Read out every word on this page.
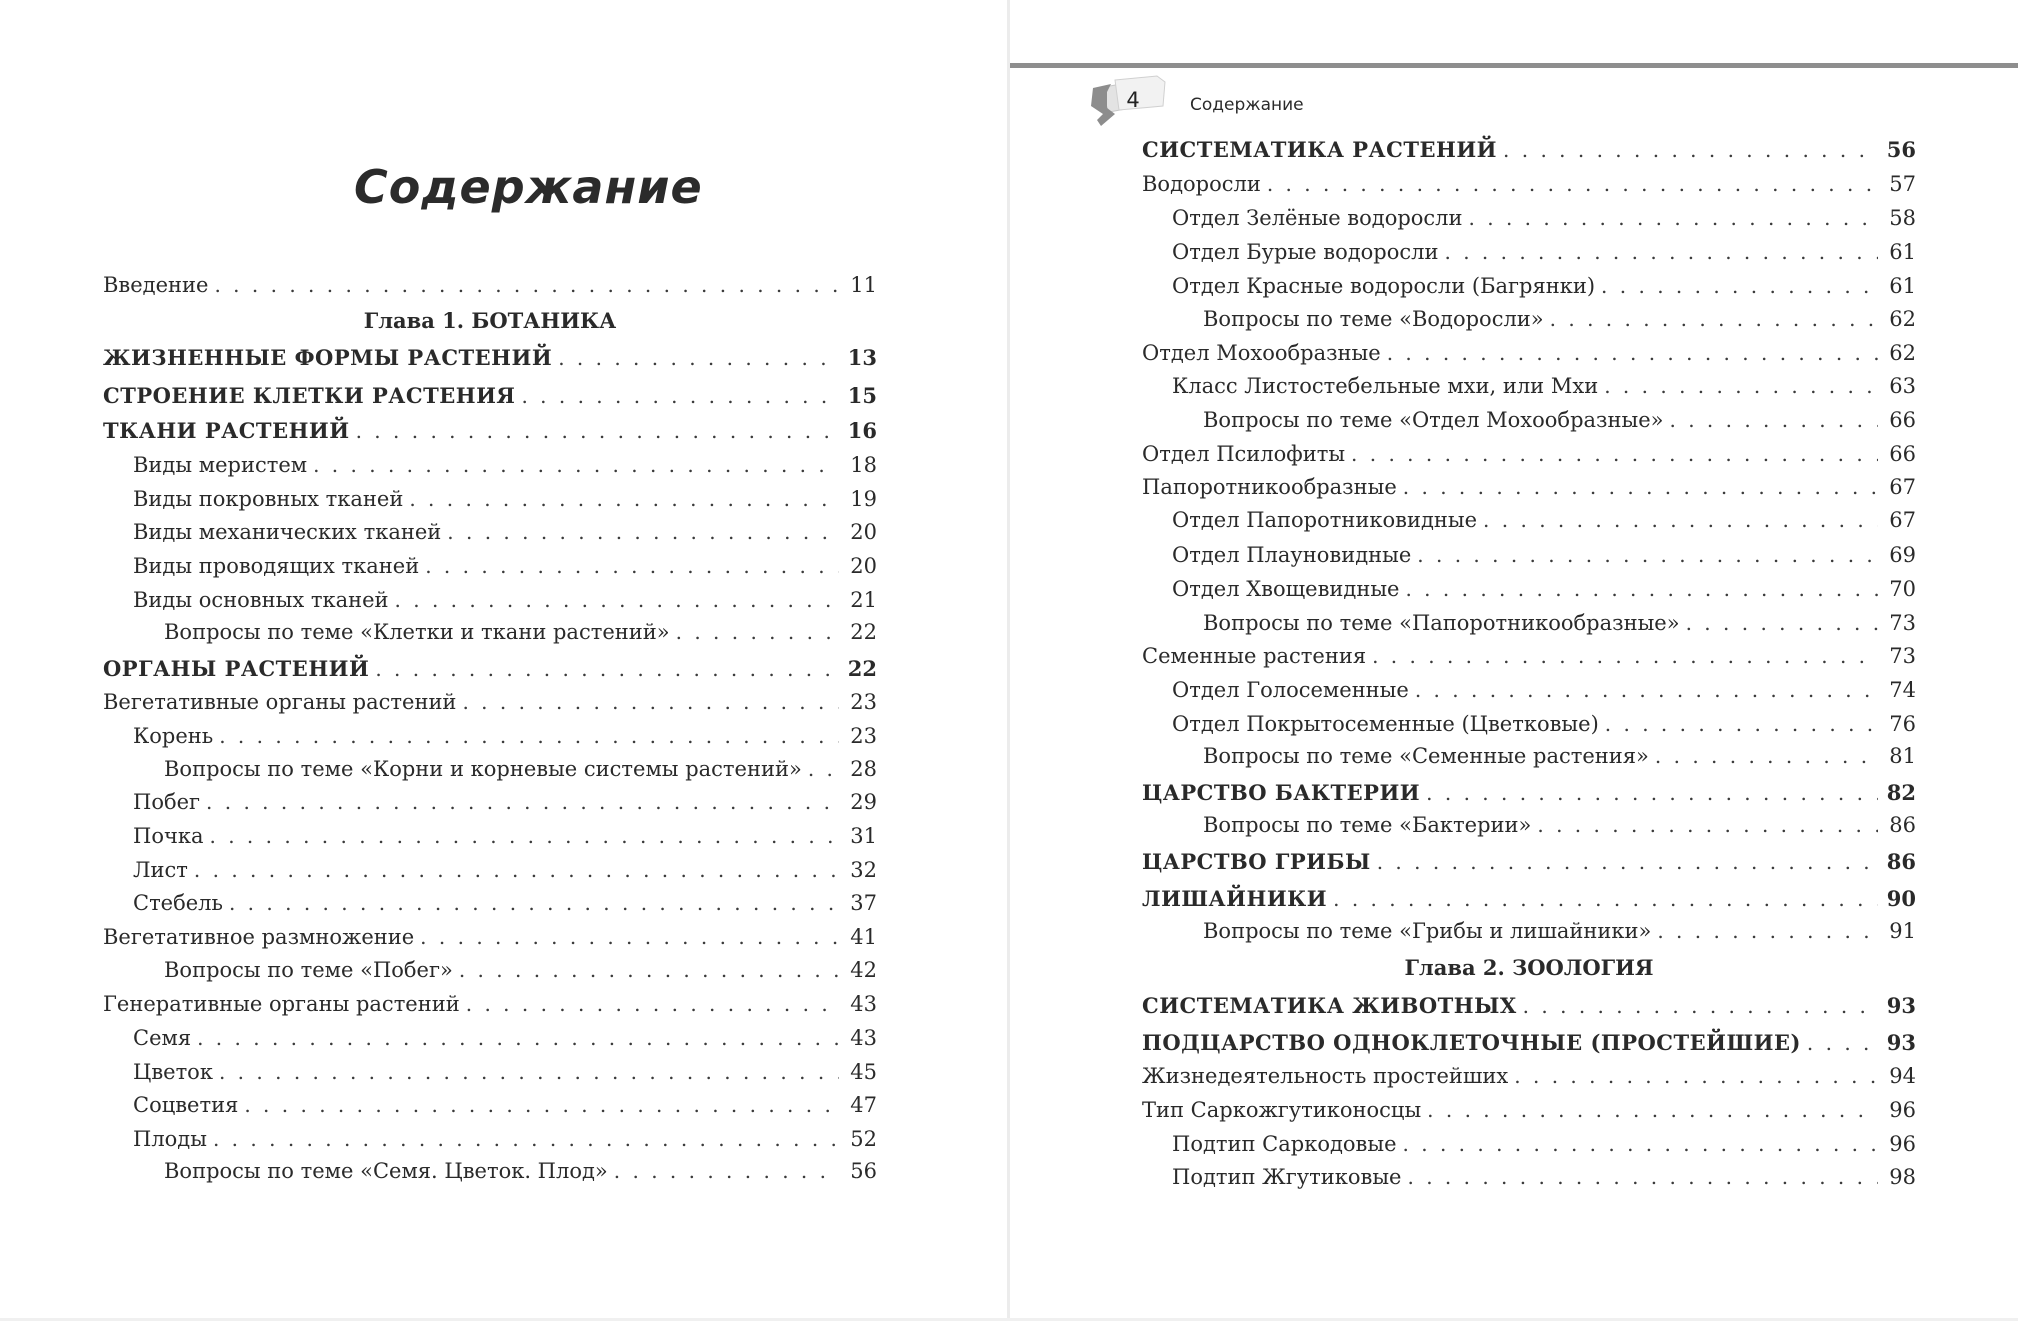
Содержание
Введение . . .	11
Глава 1. БОТАНИКА
ЖИЗНЕННЫЕ ФОРМЫ РАСТЕНИЙ . . .	13
СТРОЕНИЕ КЛЕТКИ РАСТЕНИЯ . . .	15
ТКАНИ РАСТЕНИЙ . . .	16
Виды меристем . . .	18
Виды покровных тканей . . .	19
Виды механических тканей . . .	20
Виды проводящих тканей . . .	20
Виды основных тканей . . .	21
Вопросы по теме «Клетки и ткани растений» . . .	22
ОРГАНЫ РАСТЕНИЙ . . .	22
Вегетативные органы растений . . .	23
Корень . . .	23
Вопросы по теме «Корни и корневые системы растений» . . .	28
Побег . . .	29
Почка . . .	31
Лист . . .	32
Стебель . . .	37
Вегетативное размножение . . .	41
Вопросы по теме «Побег» . . .	42
Генеративные органы растений . . .	43
Семя . . .	43
Цветок . . .	45
Соцветия . . .	47
Плоды . . .	52
Вопросы по теме «Семя. Цветок. Плод» . . .	56
4	Содержание
СИСТЕМАТИКА РАСТЕНИЙ . . .	56
Водоросли . . .	57
Отдел Зелёные водоросли . . .	58
Отдел Бурые водоросли . . .	61
Отдел Красные водоросли (Багрянки) . . .	61
Вопросы по теме «Водоросли» . . .	62
Отдел Мохообразные . . .	62
Класс Листостебельные мхи, или Мхи . . .	63
Вопросы по теме «Отдел Мохообразные» . . .	66
Отдел Псилофиты . . .	66
Папоротникообразные . . .	67
Отдел Папоротниковидные . . .	67
Отдел Плауновидные . . .	69
Отдел Хвощевидные . . .	70
Вопросы по теме «Папоротникообразные» . . .	73
Семенные растения . . .	73
Отдел Голосеменные . . .	74
Отдел Покрытосеменные (Цветковые) . . .	76
Вопросы по теме «Семенные растения» . . .	81
ЦАРСТВО БАКТЕРИИ . . .	82
Вопросы по теме «Бактерии» . . .	86
ЦАРСТВО ГРИБЫ . . .	86
ЛИШАЙНИКИ . . .	90
Вопросы по теме «Грибы и лишайники» . . .	91
Глава 2. ЗООЛОГИЯ
СИСТЕМАТИКА ЖИВОТНЫХ . . .	93
ПОДЦАРСТВО ОДНОКЛЕТОЧНЫЕ (ПРОСТЕЙШИЕ) . . .	93
Жизнедеятельность простейших . . .	94
Тип Саркожгутиконосцы . . .	96
Подтип Саркодовые . . .	96
Подтип Жгутиковые . . .	98
